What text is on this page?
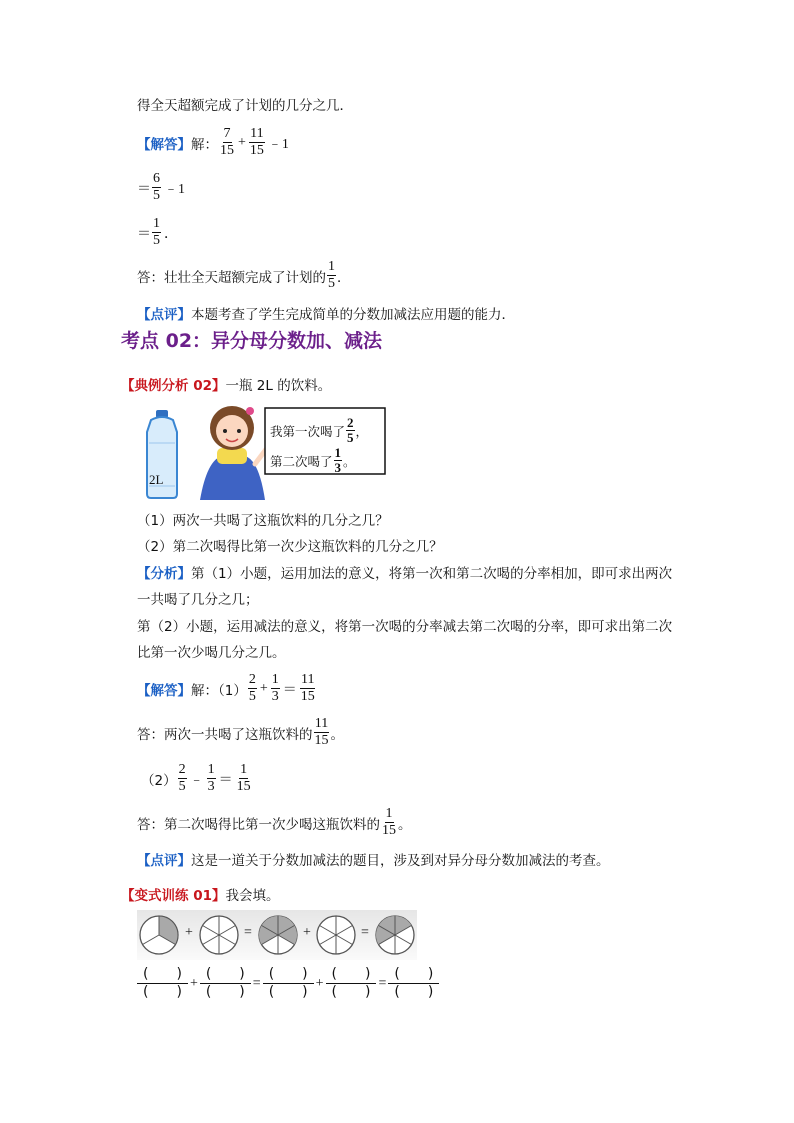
得全天超额完成了计划的几分之几．
【解答】 解： $\frac{7}{15} + \frac{11}{15}$ ﹣1
＝ $\frac{6}{5}$ ﹣1
＝ $\frac{1}{5}$ ．
答：壮壮全天超额完成了计划的 $\frac{1}{5}$ ．
【点评】本题考查了学生完成简单的分数加减法应用题的能力．
考点 02：异分母分数加、减法
【典例分析 02】一瓶 2L 的饮料。
2L
我第一次喝了 $\frac{2}{5}$ ，
第二次喝了 $\frac{1}{3}$ 。
（1）两次一共喝了这瓶饮料的几分之几？
（2）第二次喝得比第一次少这瓶饮料的几分之几？
【分析】第（1）小题，运用加法的意义，将第一次和第二次喝的分率相加，即可求出两次一共喝了几分之几；
第（2）小题，运用减法的意义，将第一次喝的分率减去第二次喝的分率，即可求出第二次比第一次少喝几分之几。
【解答】 解：$(1) \frac{2}{5} + \frac{1}{3} = \frac{11}{15}$
答：两次一共喝了这瓶饮料的 $\frac{11}{15}$ 。
$(2) \frac{2}{5}$ ﹣ $\frac{1}{3} = \frac{1}{15}$
答：第二次喝得比第一次少喝这瓶饮料的 $\frac{1}{15}$ 。
【点评】这是一道关于分数加减法的题目，涉及到对异分母分数加减法的考查。
【变式训练 01】我会填。
+	=	+	=
$\frac{( )}{( )} + \frac{( )}{( )} = \frac{( )}{( )} + \frac{( )}{( )} = \frac{( )}{( )}$
